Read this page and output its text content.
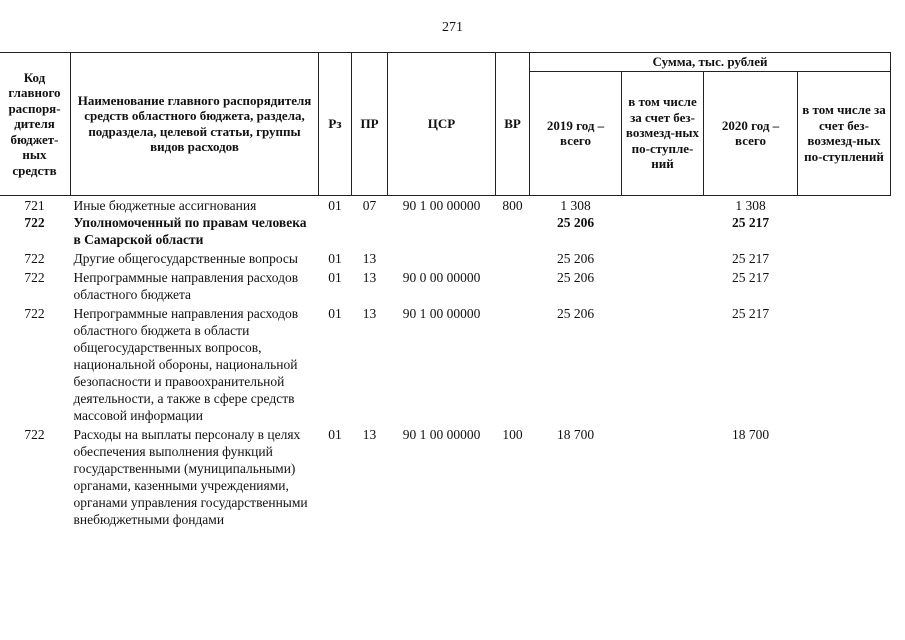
271
Код главного распоря-дителя бюджет-ных средств	Наименование главного распорядителя средств областного бюджета, раздела, подраздела, целевой статьи, группы видов расходов	Рз	ПР	ЦСР	ВР	Сумма, тыс. рублей			
						2019 год – всего	в том числе за счет без-возмезд-ных по-ступле-ний	2020 год – всего	в том числе за счет без-возмезд-ных по-ступлений
721	Иные бюджетные ассигнования	01	07	90 1 00 00000	800	1 308		1 308	
722	Уполномоченный по правам человека в Самарской области					25 206		25 217	
722	Другие общегосударственные вопросы	01	13			25 206		25 217	
722	Непрограммные направления расходов областного бюджета	01	13	90 0 00 00000		25 206		25 217	
722	Непрограммные направления расходов областного бюджета в области общегосударственных вопросов, национальной обороны, национальной безопасности и правоохранительной деятельности, а также в сфере средств массовой информации	01	13	90 1 00 00000		25 206		25 217	
722	Расходы на выплаты персоналу в целях обеспечения выполнения функций государственными (муниципальными) органами, казенными учреждениями, органами управления государственными внебюджетными фондами	01	13	90 1 00 00000	100	18 700		18 700	
